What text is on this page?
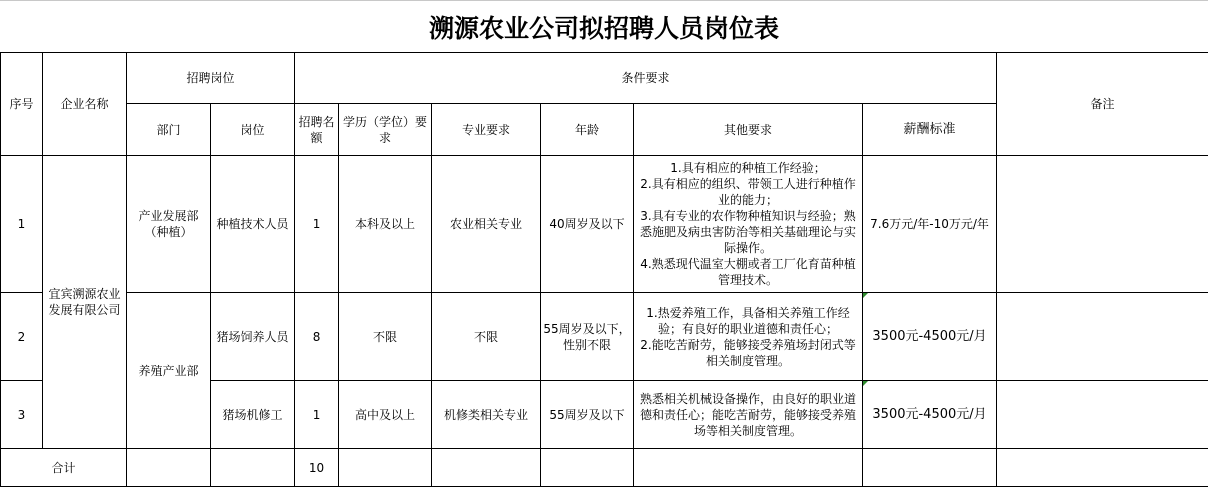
溯源农业公司拟招聘人员岗位表
序号	企业名称	招聘岗位		条件要求						备注
		部门	岗位	招聘名额	学历（学位）要求	专业要求	年龄	其他要求	薪酬标准	
1	宜宾溯源农业发展有限公司	产业发展部（种植）	种植技术人员	1	本科及以上	农业相关专业	40周岁及以下	1.具有相应的种植工作经验；
2.具有相应的组织、带领工人进行种植作业的能力；
3.具有专业的农作物种植知识与经验；熟悉施肥及病虫害防治等相关基础理论与实际操作。
4.熟悉现代温室大棚或者工厂化育苗种植管理技术。	7.6万元/年-10万元/年	
2		养殖产业部	猪场饲养人员	8	不限	不限	55周岁及以下，性别不限	1.热爱养殖工作，具备相关养殖工作经验；有良好的职业道德和责任心；
2.能吃苦耐劳，能够接受养殖场封闭式等相关制度管理。	3500元-4500元/月	
3			猪场机修工	1	高中及以上	机修类相关专业	55周岁及以下	熟悉相关机械设备操作，由良好的职业道德和责任心；能吃苦耐劳，能够接受养殖场等相关制度管理。	3500元-4500元/月	
合计				10						
